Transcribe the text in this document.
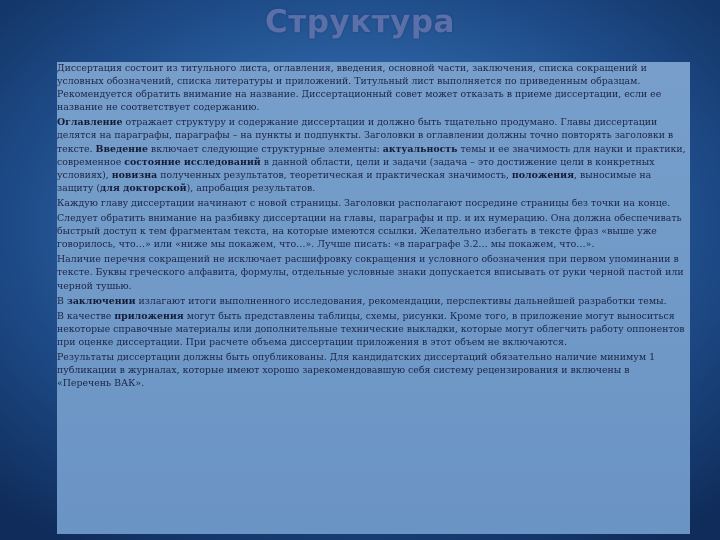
Структура

Диссертация состоит из титульного листа, оглавления, введения, основной части, заключения, списка сокращений и условных обозначений, списка литературы и приложений. Титульный лист выполняется по приведенным образцам. Рекомендуется обратить внимание на название. Диссертационный совет может отказать в приеме диссертации, если ее название не соответствует содержанию.

Оглавление отражает структуру и содержание диссертации и должно быть тщательно продумано. Главы диссертации делятся на параграфы, параграфы – на пункты и подпункты. Заголовки в оглавлении должны точно повторять заголовки в тексте. Введение включает следующие структурные элементы: актуальность темы и ее значимость для науки и практики, современное состояние исследований в данной области, цели и задачи (задача – это достижение цели в конкретных условиях), новизна полученных результатов, теоретическая и практическая значимость, положения, выносимые на защиту (для докторской), апробация результатов.

Каждую главу диссертации начинают с новой страницы. Заголовки располагают посредине страницы без точки на конце.

Следует обратить внимание на разбивку диссертации на главы, параграфы и пр. и их нумерацию. Она должна обеспечивать быстрый доступ к тем фрагментам текста, на которые имеются ссылки. Желательно избегать в тексте фраз «выше уже говорилось, что…» или «ниже мы покажем, что…». Лучше писать: «в параграфе 3.2… мы покажем, что…».

Наличие перечня сокращений не исключает расшифровку сокращения и условного обозначения при первом упоминании в тексте. Буквы греческого алфавита, формулы, отдельные условные знаки допускается вписывать от руки черной пастой или черной тушью.

В заключении излагают итоги выполненного исследования, рекомендации, перспективы дальнейшей разработки темы.

В качестве приложения могут быть представлены таблицы, схемы, рисунки. Кроме того, в приложение могут выноситься некоторые справочные материалы или дополнительные технические выкладки, которые могут облегчить работу оппонентов при оценке диссертации. При расчете объема диссертации приложения в этот объем не включаются.

Результаты диссертации должны быть опубликованы. Для кандидатских диссертаций обязательно наличие минимум 1 публикации в журналах, которые имеют хорошо зарекомендовавшую себя систему рецензирования и включены в «Перечень ВАК».
